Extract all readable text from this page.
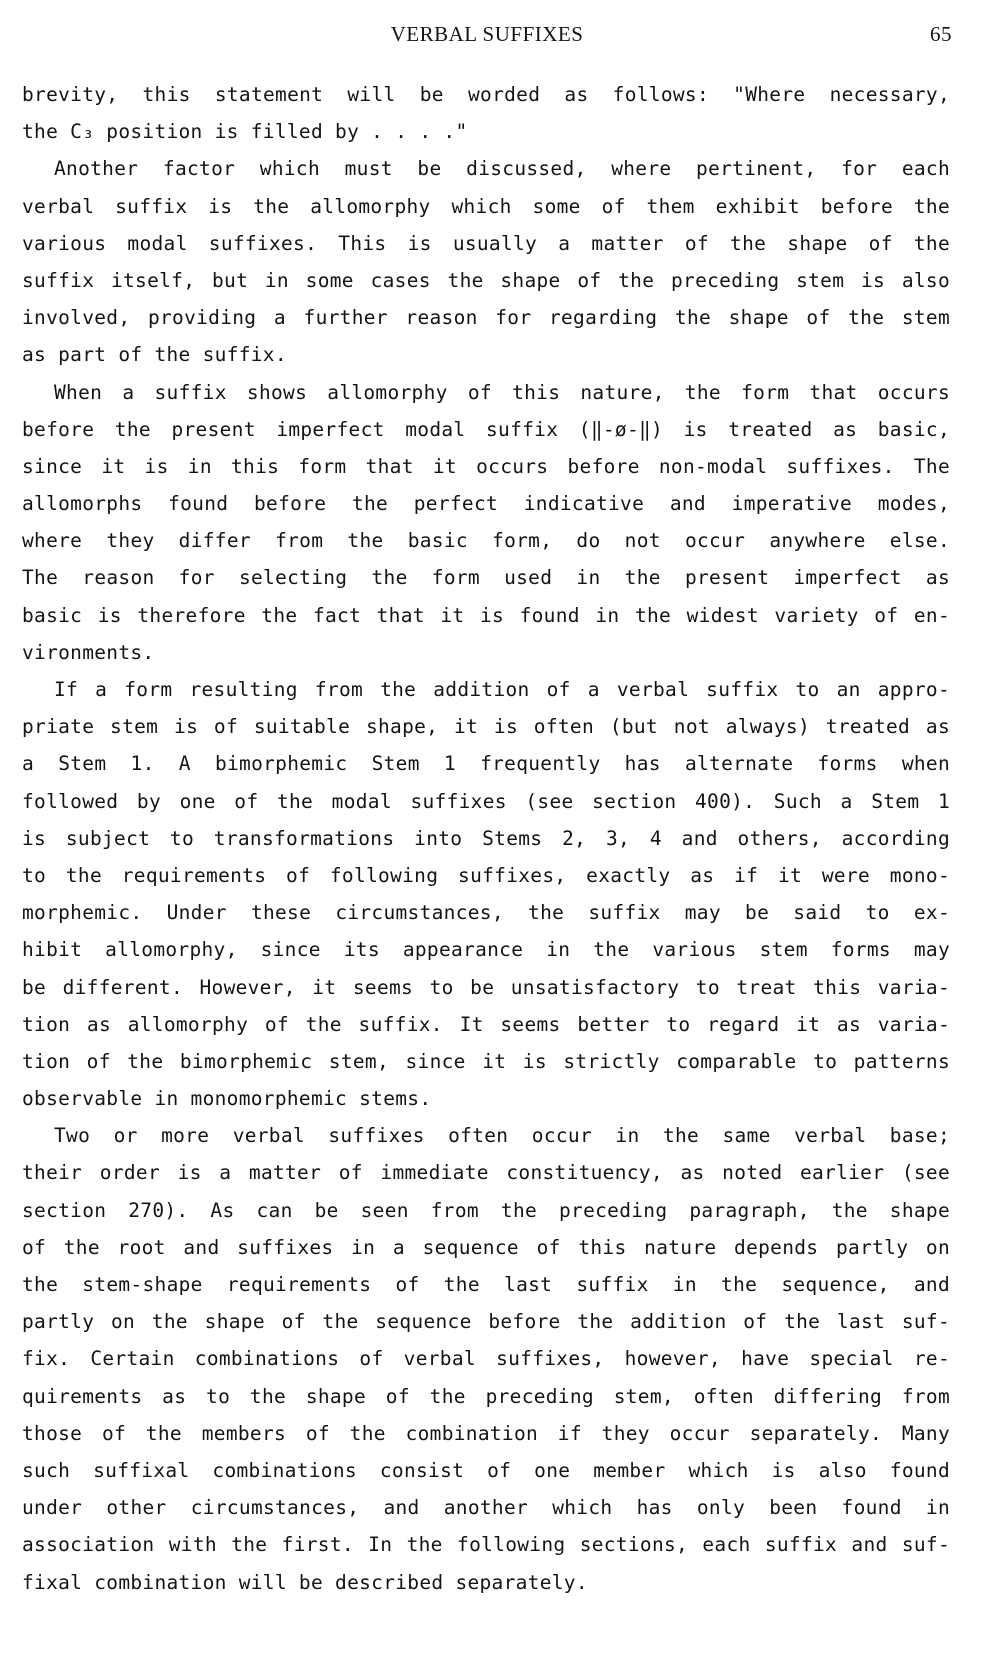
VERBAL SUFFIXES	65
brevity, this statement will be worded as follows: "Where necessary,
the C₃ position is filled by . . . ."
Another factor which must be discussed, where pertinent, for each
verbal suffix is the allomorphy which some of them exhibit before the
various modal suffixes. This is usually a matter of the shape of the
suffix itself, but in some cases the shape of the preceding stem is also
involved, providing a further reason for regarding the shape of the stem
as part of the suffix.
When a suffix shows allomorphy of this nature, the form that occurs
before the present imperfect modal suffix (‖-ø-‖) is treated as basic,
since it is in this form that it occurs before non-modal suffixes. The
allomorphs found before the perfect indicative and imperative modes,
where they differ from the basic form, do not occur anywhere else.
The reason for selecting the form used in the present imperfect as
basic is therefore the fact that it is found in the widest variety of en-
vironments.
If a form resulting from the addition of a verbal suffix to an appro-
priate stem is of suitable shape, it is often (but not always) treated as
a Stem 1. A bimorphemic Stem 1 frequently has alternate forms when
followed by one of the modal suffixes (see section 400). Such a Stem 1
is subject to transformations into Stems 2, 3, 4 and others, according
to the requirements of following suffixes, exactly as if it were mono-
morphemic. Under these circumstances, the suffix may be said to ex-
hibit allomorphy, since its appearance in the various stem forms may
be different. However, it seems to be unsatisfactory to treat this varia-
tion as allomorphy of the suffix. It seems better to regard it as varia-
tion of the bimorphemic stem, since it is strictly comparable to patterns
observable in monomorphemic stems.
Two or more verbal suffixes often occur in the same verbal base;
their order is a matter of immediate constituency, as noted earlier (see
section 270). As can be seen from the preceding paragraph, the shape
of the root and suffixes in a sequence of this nature depends partly on
the stem-shape requirements of the last suffix in the sequence, and
partly on the shape of the sequence before the addition of the last suf-
fix. Certain combinations of verbal suffixes, however, have special re-
quirements as to the shape of the preceding stem, often differing from
those of the members of the combination if they occur separately. Many
such suffixal combinations consist of one member which is also found
under other circumstances, and another which has only been found in
association with the first. In the following sections, each suffix and suf-
fixal combination will be described separately.
